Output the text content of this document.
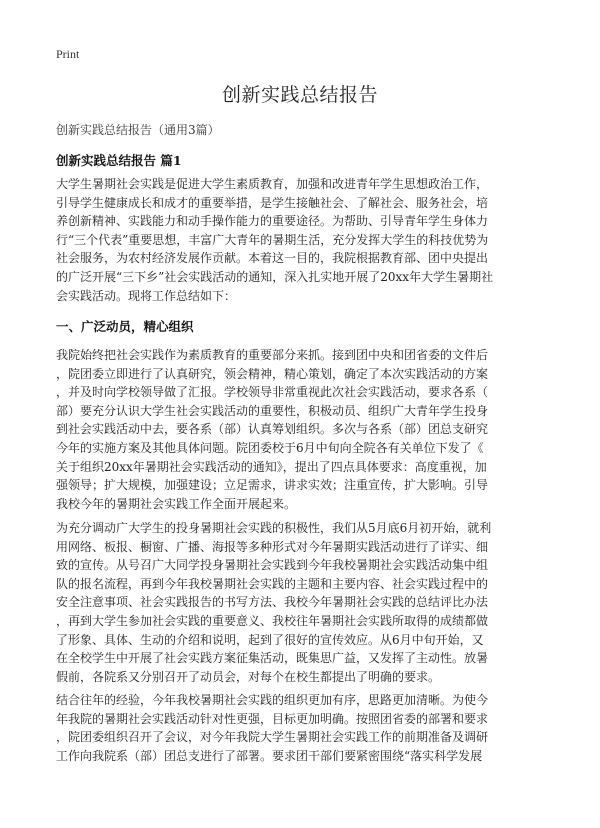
Print
创新实践总结报告
创新实践总结报告（通用3篇）
创新实践总结报告 篇1
大学生暑期社会实践是促进大学生素质教育，加强和改进青年学生思想政治工作，
引导学生健康成长和成才的重要举措，是学生接触社会、了解社会、服务社会，培
养创新精神、实践能力和动手操作能力的重要途径。为帮助、引导青年学生身体力
行“三个代表”重要思想，丰富广大青年的暑期生活，充分发挥大学生的科技优势为
社会服务，为农村经济发展作贡献。本着这一目的，我院根据教育部、团中央提出
的广泛开展“三下乡”社会实践活动的通知，深入扎实地开展了20xx年大学生暑期社
会实践活动。现将工作总结如下：
一、广泛动员，精心组织
我院始终把社会实践作为素质教育的重要部分来抓。接到团中央和团省委的文件后
，院团委立即进行了认真研究，领会精神，精心策划，确定了本次实践活动的方案
，并及时向学校领导做了汇报。学校领导非常重视此次社会实践活动，要求各系（
部）要充分认识大学生社会实践活动的重要性，积极动员、组织广大青年学生投身
到社会实践活动中去，要各系（部）认真筹划组织。多次与各系（部）团总支研究
今年的实施方案及其他具体问题。院团委校于6月中旬向全院各有关单位下发了《
关于组织20xx年暑期社会实践活动的通知》，提出了四点具体要求：高度重视，加
强领导；扩大规模，加强建设；立足需求，讲求实效；注重宣传，扩大影响。引导
我校今年的暑期社会实践工作全面开展起来。
为充分调动广大学生的投身暑期社会实践的积极性，我们从5月底6月初开始，就利
用网络、板报、橱窗、广播、海报等多种形式对今年暑期实践活动进行了详实、细
致的宣传。从号召广大同学投身暑期社会实践到今年我校暑期社会实践活动集中组
队的报名流程，再到今年我校暑期社会实践的主题和主要内容、社会实践过程中的
安全注意事项、社会实践报告的书写方法、我校今年暑期社会实践的总结评比办法
，再到大学生参加社会实践的重要意义、我校往年暑期社会实践所取得的成绩都做
了形象、具体、生动的介绍和说明，起到了很好的宣传效应。从6月中旬开始，又
在全校学生中开展了社会实践方案征集活动，既集思广益，又发挥了主动性。放暑
假前，各院系又分别召开了动员会，对每个在校生都提出了明确的要求。
结合往年的经验，今年我校暑期社会实践的组织更加有序，思路更加清晰。为使今
年我院的暑期社会实践活动针对性更强，目标更加明确。按照团省委的部署和要求
，院团委组织召开了会议，对今年我院大学生暑期社会实践工作的前期准备及调研
工作向我院系（部）团总支进行了部署。要求团干部们要紧密围绕“落实科学发展
